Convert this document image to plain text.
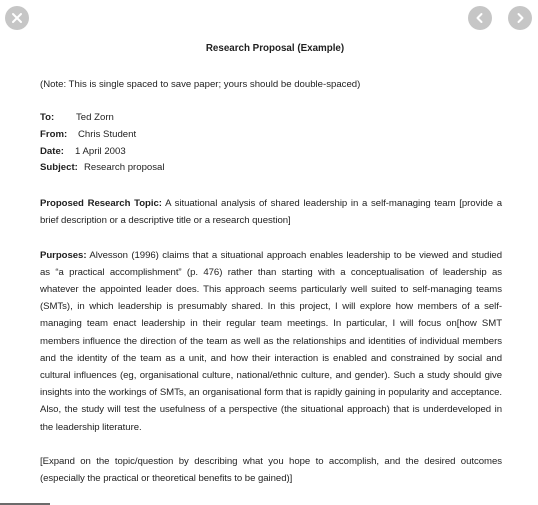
Research Proposal (Example)
(Note: This is single spaced to save paper; yours should be double-spaced)
To:	Ted Zorn
From:	Chris Student
Date:	1 April 2003
Subject: Research proposal
Proposed Research Topic: A situational analysis of shared leadership in a self-managing team [provide a brief description or a descriptive title or a research question]
Purposes: Alvesson (1996) claims that a situational approach enables leadership to be viewed and studied as “a practical accomplishment” (p. 476) rather than starting with a conceptualisation of leadership as whatever the appointed leader does. This approach seems particularly well suited to self-managing teams (SMTs), in which leadership is presumably shared. In this project, I will explore how members of a self-managing team enact leadership in their regular team meetings. In particular, I will focus on[how SMT members influence the direction of the team as well as the relationships and identities of individual members and the identity of the team as a unit, and how their interaction is enabled and constrained by social and cultural influences (eg, organisational culture, national/ethnic culture, and gender). Such a study should give insights into the workings of SMTs, an organisational form that is rapidly gaining in popularity and acceptance. Also, the study will test the usefulness of a perspective (the situational approach) that is underdeveloped in the leadership literature.
[Expand on the topic/question by describing what you hope to accomplish, and the desired outcomes (especially the practical or theoretical benefits to be gained)]
